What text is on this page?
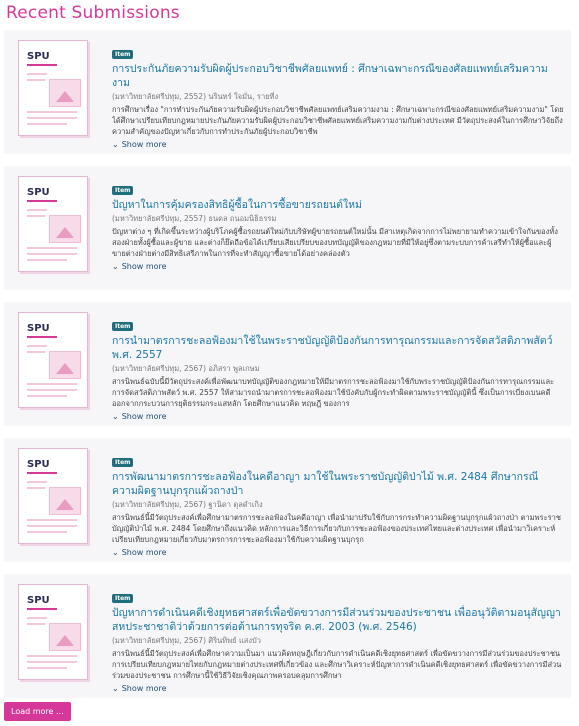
Recent Submissions
SPU	Item
การประกันภัยความรับผิดผู้ประกอบวิชาชีพศัลยแพทย์ : ศึกษาเฉพาะกรณีของศัลยแพทย์เสริมความงาม
(มหาวิทยาลัยศรีปทุม, 2552) นรินทร์ ใจมั่น, รายที่ง
การศึกษาเรื่อง "การทำประกันภัยความรับผิดผู้ประกอบวิชาชีพศัลยแพทย์เสริมความงาม : ศึกษาเฉพาะกรณีของศัลยแพทย์เสริมความงาม" โดยได้ศึกษาเปรียบเทียบกฎหมายประกันภัยความรับผิดผู้ประกอบวิชาชีพศัลยแพทย์เสริมความงามกับต่างประเทศ มีวัตถุประสงค์ในการศึกษาวิจัยถึงความสำคัญของปัญหาเกี่ยวกับการทำประกันภัยผู้ประกอบวิชาชีพ
⌄ Show more
SPU	Item
ปัญหาในการคุ้มครองสิทธิผู้ซื้อในการซื้อขายรถยนต์ใหม่
(มหาวิทยาลัยศรีปทุม, 2557) ธนดล ถนอมนิธิธรรม
ปัญหาต่าง ๆ ที่เกิดขึ้นระหว่างผู้บริโภคผู้ซื้อรถยนต์ใหม่กับบริษัทผู้ขายรถยนต์ใหม่นั้น มีสาเหตุเกิดจากการไม่พยายามทำความเข้าใจกันของทั้งสองฝ่ายทั้งผู้ซื้อและผู้ขาย และต่างก็ยึดถือข้อได้เปรียบเสียเปรียบของบทบัญญัติของกฎหมายที่มีให้อยู่ซึ่งตามระบบการค้าเสรีทำให้ผู้ซื้อและผู้ขายต่างฝ่ายต่างมีสิทธิเสรีภาพในการที่จะทำสัญญาซื้อขายได้อย่างคล่องตัว
⌄ Show more
SPU	Item
การนำมาตรการชะลอฟ้องมาใช้ในพระราชบัญญัติป้องกันการทารุณกรรมและการจัดสวัสดิภาพสัตว์ พ.ศ. 2557
(มหาวิทยาลัยศรีปทุม, 2567) อภิสรา พูลเกษม
สารนิพนธ์ฉบับนี้มีวัตถุประสงค์เพื่อพัฒนาบทบัญญัติของกฎหมายให้มีมาตรการชะลอฟ้องมาใช้กับพระราชบัญญัติป้องกันการทารุณกรรมและการจัดสวัสดิภาพสัตว์ พ.ศ. 2557 ให้สามารถนำมาตรการชะลอฟ้องมาใช้บังคับกับผู้กระทำผิดตามพระราชบัญญัตินี้ ซึ่งเป็นการเบี่ยงเบนคดีออกจากกระบวนการยุติธรรมกระแสหลัก โดยศึกษาแนวคิด ทฤษฎี ของการ
⌄ Show more
SPU	Item
การพัฒนามาตรการชะลอฟ้องในคดีอาญา มาใช้ในพระราชบัญญัติป่าไม้ พ.ศ. 2484 ศึกษากรณีความผิดฐานบุกรุกแผ้วถางป่า
(มหาวิทยาลัยศรีปทุม, 2567) ฐานิดา ดุลดำเกิง
สารนิพนธ์นี้มีวัตถุประสงค์เพื่อศึกษามาตรการชะลอฟ้องในคดีอาญา เพื่อนำมาปรับใช้กับการกระทำความผิดฐานบุกรุกแผ้วถางป่า ตามพระราชบัญญัติป่าไม้ พ.ศ. 2484 โดยศึกษาถึงแนวคิด หลักการและวิธีการเกี่ยวกับการชะลอฟ้องของประเทศไทยและต่างประเทศ เพื่อนำมาวิเคราะห์ เปรียบเทียบกฎหมายเกี่ยวกับมาตรการการชะลอฟ้องมาใช้กับความผิดฐานบุกรุก
⌄ Show more
SPU	Item
ปัญหาการดำเนินคดีเชิงยุทธศาสตร์เพื่อขัดขวางการมีส่วนร่วมของประชาชน เพื่ออนุวัติตามอนุสัญญาสหประชาชาติว่าด้วยการต่อต้านการทุจริต ค.ศ. 2003 (พ.ศ. 2546)
(มหาวิทยาลัยศรีปทุม, 2567) ศิรินทิพย์ แสงบัว
สารนิพนธ์นี้มีวัตถุประสงค์เพื่อศึกษาความเป็นมา แนวคิดทฤษฎีเกี่ยวกับการดำเนินคดีเชิงยุทธศาสตร์ เพื่อขัดขวางการมีส่วนร่วมของประชาชน การเปรียบเทียบกฎหมายไทยกับกฎหมายต่างประเทศที่เกี่ยวข้อง และศึกษาวิเคราะห์ปัญหาการดำเนินคดีเชิงยุทธศาสตร์ เพื่อขัดขวางการมีส่วนร่วมของประชาชน การศึกษานี้ใช้วิธีวิจัยเชิงคุณภาพครอบคลุมการศึกษา
⌄ Show more
Load more ...
